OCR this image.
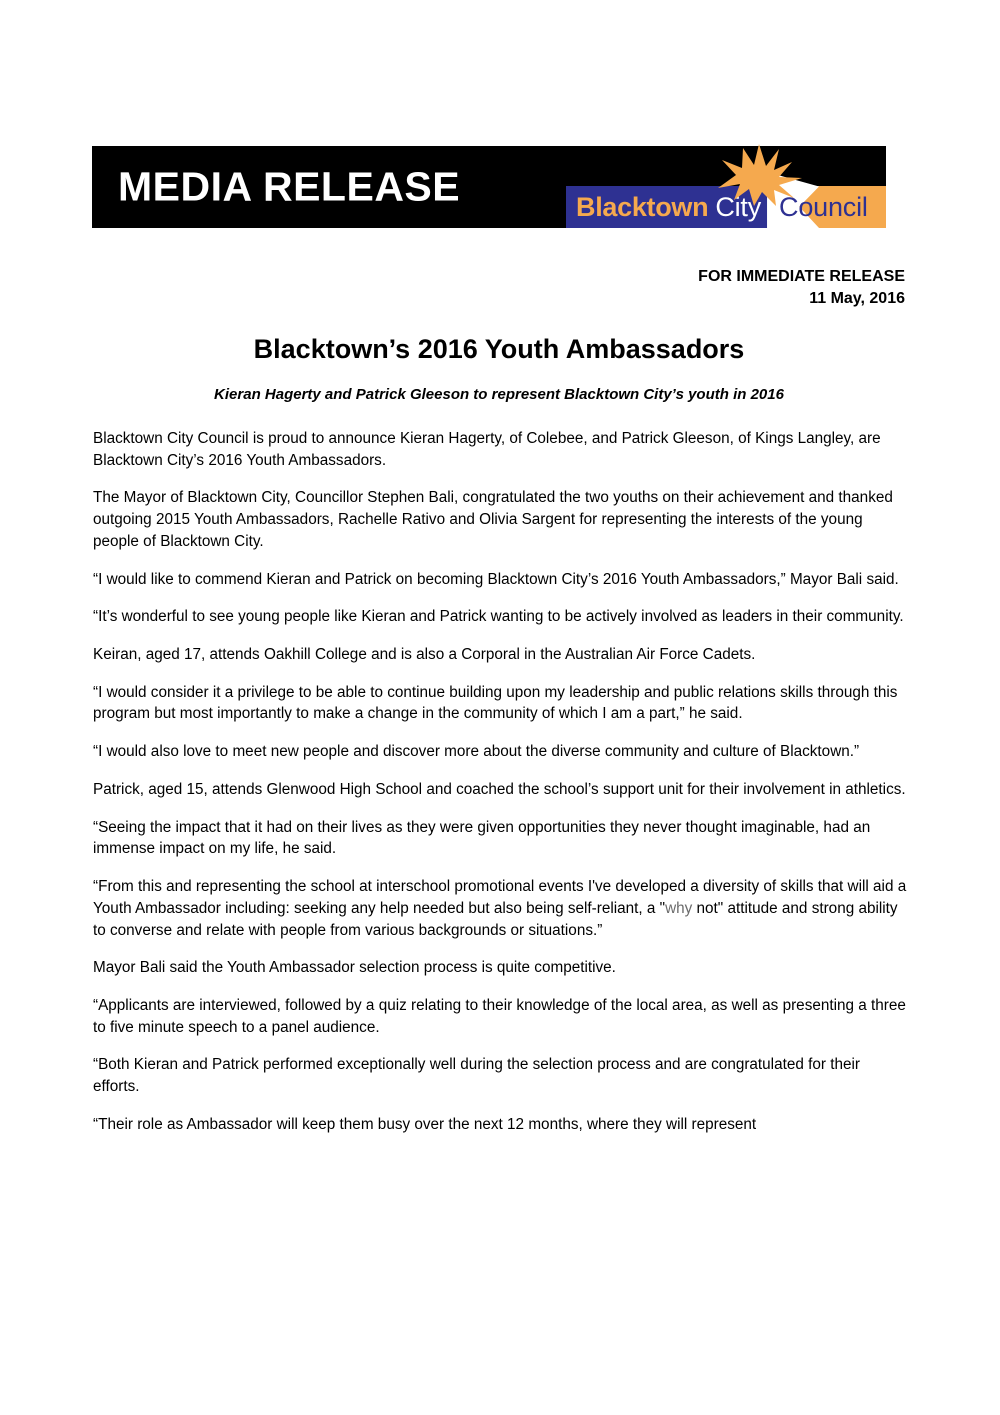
MEDIA RELEASE	Blacktown City Council
FOR IMMEDIATE RELEASE
11 May, 2016
Blacktown’s 2016 Youth Ambassadors
Kieran Hagerty and Patrick Gleeson to represent Blacktown City’s youth in 2016

Blacktown City Council is proud to announce Kieran Hagerty, of Colebee, and Patrick Gleeson, of Kings Langley, are Blacktown City’s 2016 Youth Ambassadors.

The Mayor of Blacktown City, Councillor Stephen Bali, congratulated the two youths on their achievement and thanked outgoing 2015 Youth Ambassadors, Rachelle Rativo and Olivia Sargent for representing the interests of the young people of Blacktown City.

“I would like to commend Kieran and Patrick on becoming Blacktown City’s 2016 Youth Ambassadors,” Mayor Bali said.

“It’s wonderful to see young people like Kieran and Patrick wanting to be actively involved as leaders in their community.

Keiran, aged 17, attends Oakhill College and is also a Corporal in the Australian Air Force Cadets.

“I would consider it a privilege to be able to continue building upon my leadership and public relations skills through this program but most importantly to make a change in the community of which I am a part,” he said.

“I would also love to meet new people and discover more about the diverse community and culture of Blacktown.”

Patrick, aged 15, attends Glenwood High School and coached the school’s support unit for their involvement in athletics.

“Seeing the impact that it had on their lives as they were given opportunities they never thought imaginable, had an immense impact on my life, he said.

“From this and representing the school at interschool promotional events I've developed a diversity of skills that will aid a Youth Ambassador including: seeking any help needed but also being self-reliant, a "why not" attitude and strong ability to converse and relate with people from various backgrounds or situations.”

Mayor Bali said the Youth Ambassador selection process is quite competitive.

“Applicants are interviewed, followed by a quiz relating to their knowledge of the local area, as well as presenting a three to five minute speech to a panel audience.

“Both Kieran and Patrick performed exceptionally well during the selection process and are congratulated for their efforts.

“Their role as Ambassador will keep them busy over the next 12 months, where they will represent
